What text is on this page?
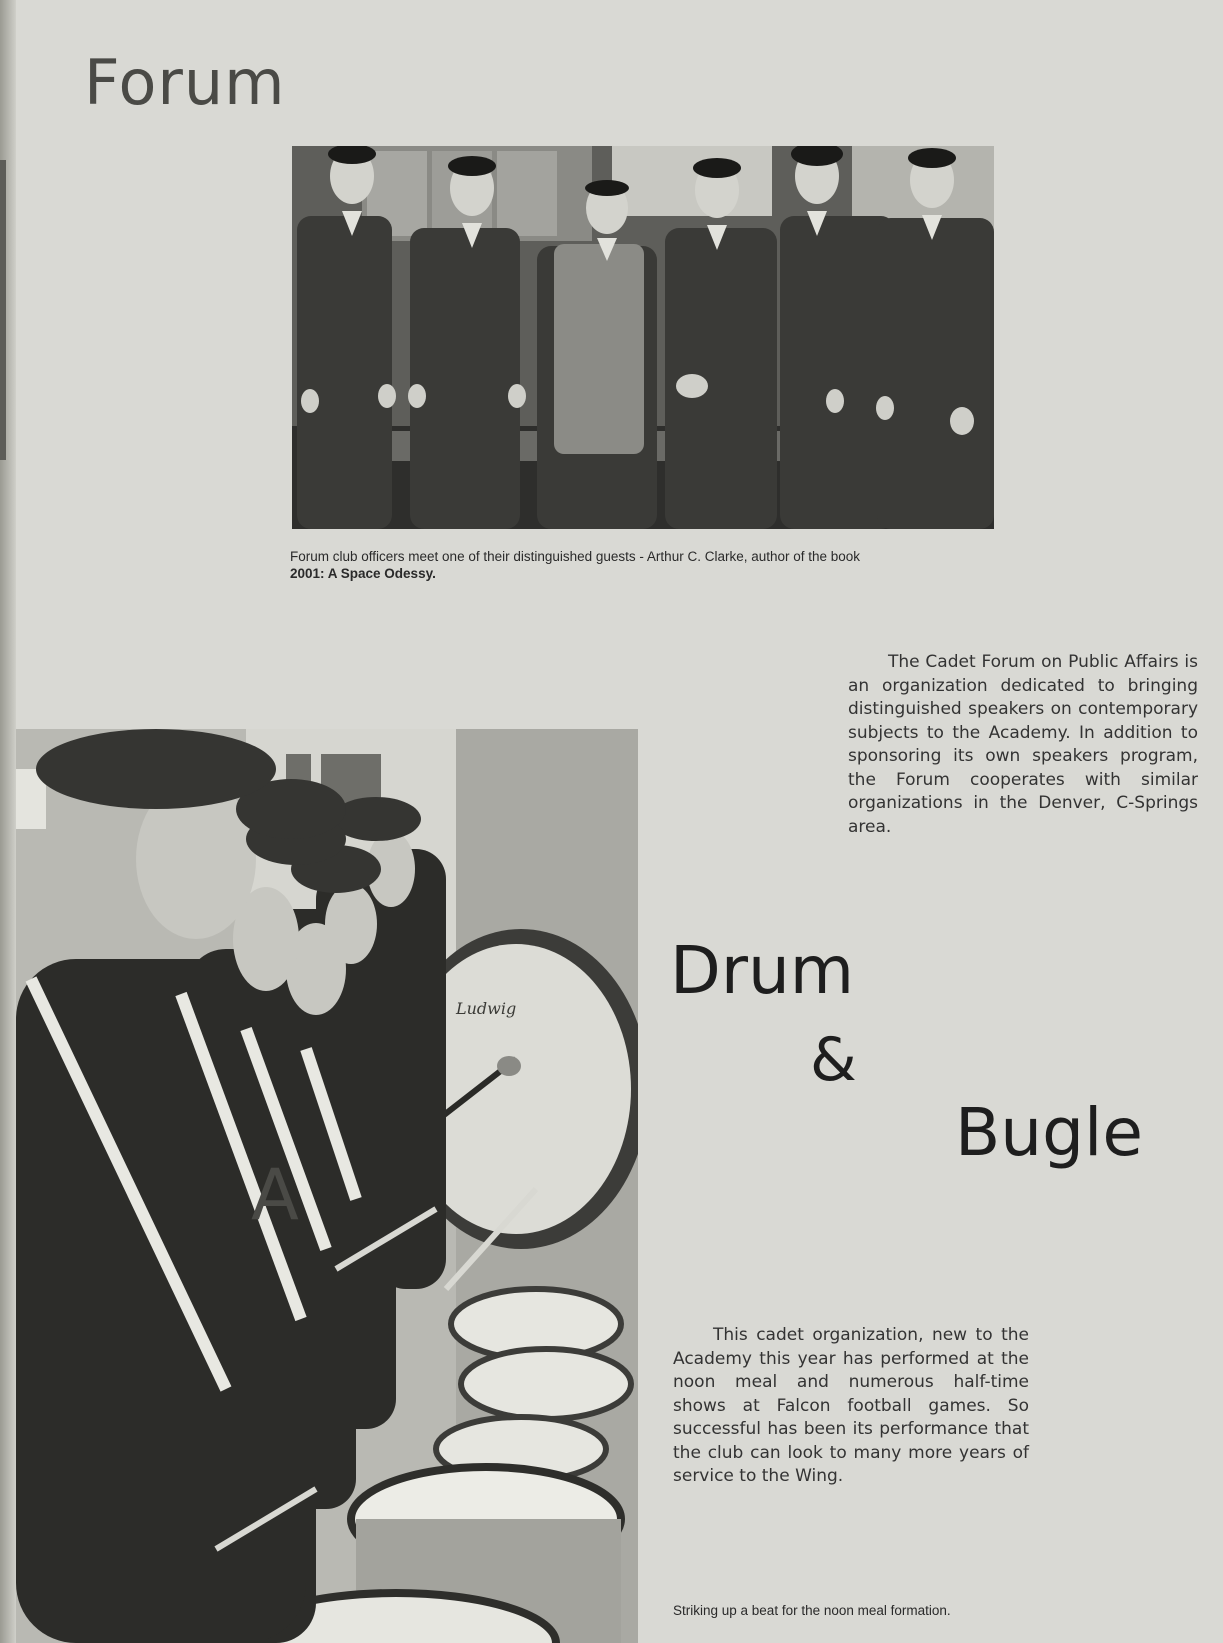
Forum

Forum club officers meet one of their distinguished guests - Arthur C. Clarke, author of the book
2001: A Space Odessy.

The Cadet Forum on Public Affairs is an organization dedicated to bringing distinguished speakers on contemporary subjects to the Academy. In addition to sponsoring its own speakers program, the Forum cooperates with similar organizations in the Denver, C-Springs area.

Ludwig
A
Drum
&
Bugle

This cadet organization, new to the Academy this year has performed at the noon meal and numerous half-time shows at Falcon football games. So successful has been its performance that the club can look to many more years of service to the Wing.

Striking up a beat for the noon meal formation.
